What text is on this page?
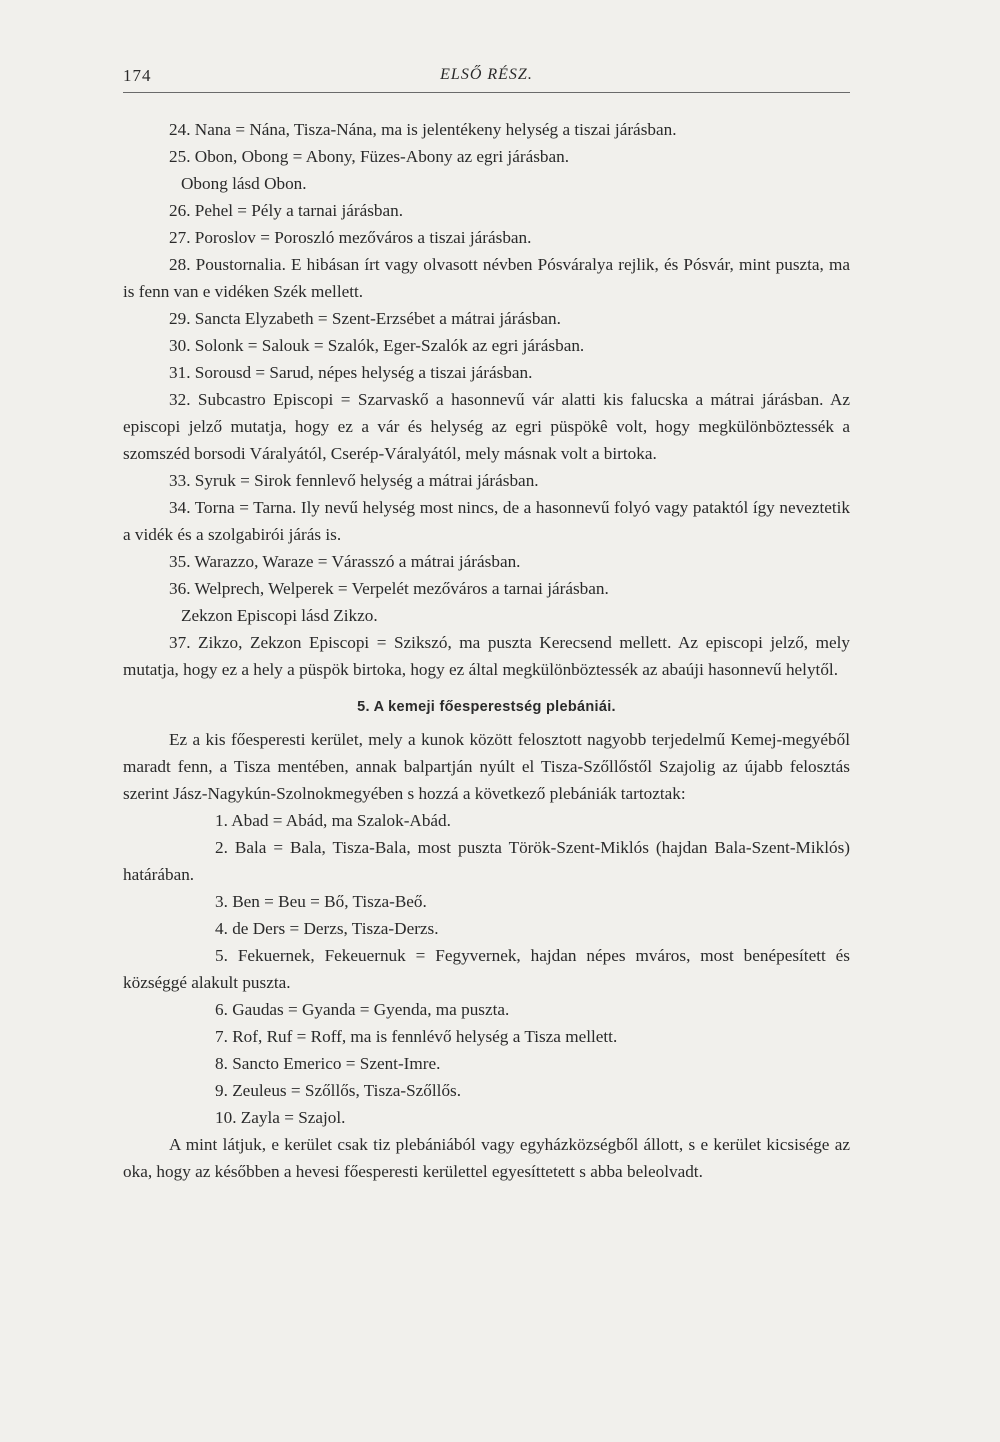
174	ELSŐ RÉSZ.

24. Nana = Nána, Tisza-Nána, ma is jelentékeny helység a tiszai járásban.

25. Obon, Obong = Abony, Füzes-Abony az egri járásban.

Obong lásd Obon.

26. Pehel = Pély a tarnai járásban.

27. Poroslov = Poroszló mezőváros a tiszai járásban.

28. Poustornalia. E hibásan írt vagy olvasott névben Pósváralya rejlik, és Pósvár, mint puszta, ma is fenn van e vidéken Szék mellett.

29. Sancta Elyzabeth = Szent-Erzsébet a mátrai járásban.

30. Solonk = Salouk = Szalók, Eger-Szalók az egri járásban.

31. Sorousd = Sarud, népes helység a tiszai járásban.

32. Subcastro Episcopi = Szarvaskő a hasonnevű vár alatti kis falucska a mátrai járásban. Az episcopi jelző mutatja, hogy ez a vár és helység az egri püspökê volt, hogy megkülönböztessék a szomszéd borsodi Váralyától, Cserép-Váralyától, mely másnak volt a birtoka.

33. Syruk = Sirok fennlevő helység a mátrai járásban.

34. Torna = Tarna. Ily nevű helység most nincs, de a hasonnevű folyó vagy pataktól így neveztetik a vidék és a szolgabirói járás is.

35. Warazzo, Waraze = Várasszó a mátrai járásban.

36. Welprech, Welperek = Verpelét mezőváros a tarnai járásban.

Zekzon Episcopi lásd Zikzo.

37. Zikzo, Zekzon Episcopi = Szikszó, ma puszta Kerecsend mellett. Az episcopi jelző, mely mutatja, hogy ez a hely a püspök birtoka, hogy ez által megkülönböztessék az abaúji hasonnevű helytől.

5. A kemeji főesperestség plebániái.

Ez a kis főesperesti kerület, mely a kunok között felosztott nagyobb terjedelmű Kemej-megyéből maradt fenn, a Tisza mentében, annak balpartján nyúlt el Tisza-Szőllőstől Szajolig az újabb felosztás szerint Jász-Nagykún-Szolnokmegyében s hozzá a következő plebániák tartoztak:

1. Abad = Abád, ma Szalok-Abád.

2. Bala = Bala, Tisza-Bala, most puszta Török-Szent-Miklós (hajdan Bala-Szent-Miklós) határában.

3. Ben = Beu = Bő, Tisza-Beő.

4. de Ders = Derzs, Tisza-Derzs.

5. Fekuernek, Fekeuernuk = Fegyvernek, hajdan népes mváros, most benépesített és községgé alakult puszta.

6. Gaudas = Gyanda = Gyenda, ma puszta.

7. Rof, Ruf = Roff, ma is fennlévő helység a Tisza mellett.

8. Sancto Emerico = Szent-Imre.

9. Zeuleus = Szőllős, Tisza-Szőllős.

10. Zayla = Szajol.

A mint látjuk, e kerület csak tiz plebániából vagy egyházközségből állott, s e kerület kicsisége az oka, hogy az későbben a hevesi főesperesti kerülettel egyesíttetett s abba beleolvadt.
